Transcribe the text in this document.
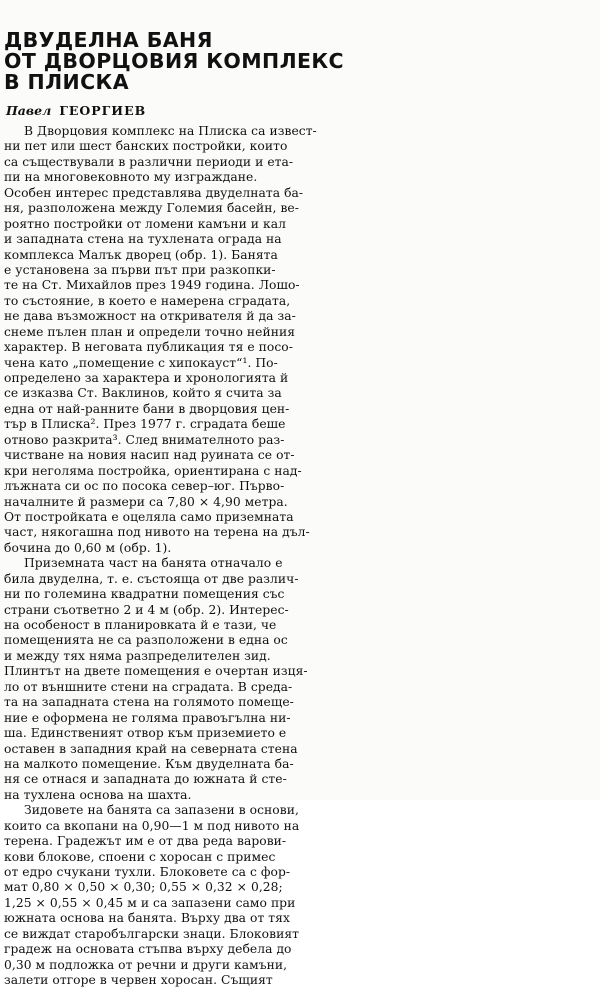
ДВУДЕЛНА БАНЯ
ОТ ДВОРЦОВИЯ КОМПЛЕКС
В ПЛИСКА
Павел ГЕОРГИЕВ
В Дворцовия комплекс на Плиска са извест-
ни пет или шест банских постройки, които
са съществували в различни периоди и ета-
пи на многовековното му изграждане.
Особен интерес представлява двуделната ба-
ня, разположена между Големия басейн, ве-
роятно постройки от ломени камъни и кал
и западната стена на тухлената ограда на
комплекса Малък дворец (обр. 1). Банята
е установена за първи път при разкопки-
те на Ст. Михайлов през 1949 година. Лошо-
то състояние, в което е намерена сградата,
не дава възможност на откривателя й да за-
снеме пълен план и определи точно нейния
характер. В неговата публикация тя е посо-
чена като „помещение с хипокауст“¹. По-
определено за характера и хронологията й
се изказва Ст. Ваклинов, който я счита за
една от най-ранните бани в дворцовия цен-
тър в Плиска². През 1977 г. сградата беше
отново разкрита³. След внимателното раз-
чистване на новия насип над руината се от-
кри неголяма постройка, ориентирана с над-
лъжната си ос по посока север–юг. Първо-
началните й размери са 7,80 × 4,90 метра.
От постройката е оцеляла само приземната
част, някогашна под нивото на терена на дъл-
бочина до 0,60 м (обр. 1).
Приземната част на банята отначало е
била двуделна, т. е. състояща от две различ-
ни по големина квадратни помещения със
страни съответно 2 и 4 м (обр. 2). Интерес-
на особеност в планировката й е тази, че
помещенията не са разположени в една ос
и между тях няма разпределителен зид.
Плинтът на двете помещения е очертан изця-
ло от външните стени на сградата. В среда-
та на западната стена на голямото помеще-
ние е оформена не голяма правоъгълна ни-
ша. Единственият отвор към приземието е
оставен в западния край на северната стена
на малкото помещение. Към двуделната ба-
ня се отнася и западната до южната й сте-
на тухлена основа на шахта.
Зидовете на банята са запазени в основи,
които са вкопани на 0,90—1 м под нивото на
терена. Градежът им е от два реда варови-
кови блокове, споени с хоросан с примес
от едро счукани тухли. Блоковете са с фор-
мат 0,80 × 0,50 × 0,30; 0,55 × 0,32 × 0,28;
1,25 × 0,55 × 0,45 м и са запазени само при
южната основа на банята. Върху два от тях
се виждат старобългарски знаци. Блоковият
градеж на основата стъпва върху дебела до
0,30 м подложка от речни и други камъни,
залети отгоре в червен хоросан. Същият
